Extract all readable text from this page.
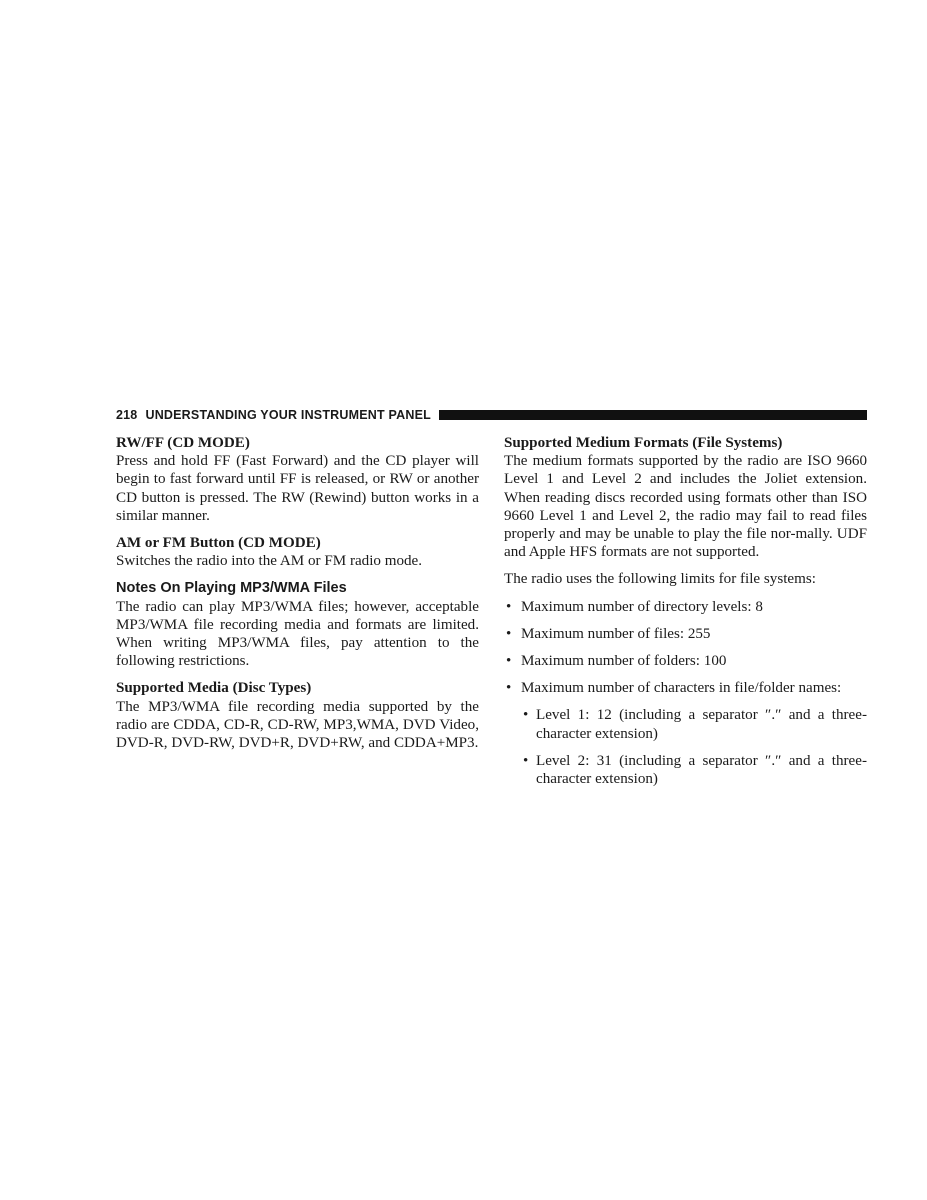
218 UNDERSTANDING YOUR INSTRUMENT PANEL

RW/FF (CD MODE)

Press and hold FF (Fast Forward) and the CD player will begin to fast forward until FF is released, or RW or another CD button is pressed. The RW (Rewind) button works in a similar manner.

AM or FM Button (CD MODE)

Switches the radio into the AM or FM radio mode.

Notes On Playing MP3/WMA Files

The radio can play MP3/WMA files; however, acceptable MP3/WMA file recording media and formats are limited. When writing MP3/WMA files, pay attention to the following restrictions.

Supported Media (Disc Types)

The MP3/WMA file recording media supported by the radio are CDDA, CD-R, CD-RW, MP3,WMA, DVD Video, DVD-R, DVD-RW, DVD+R, DVD+RW, and CDDA+MP3.

Supported Medium Formats (File Systems)

The medium formats supported by the radio are ISO 9660 Level 1 and Level 2 and includes the Joliet extension. When reading discs recorded using formats other than ISO 9660 Level 1 and Level 2, the radio may fail to read files properly and may be unable to play the file nor-mally. UDF and Apple HFS formats are not supported.

The radio uses the following limits for file systems:

• Maximum number of directory levels: 8
• Maximum number of files: 255
• Maximum number of folders: 100
• Maximum number of characters in file/folder names:
• Level 1: 12 (including a separator ″.″ and a three-character extension)
• Level 2: 31 (including a separator ″.″ and a three-character extension)
